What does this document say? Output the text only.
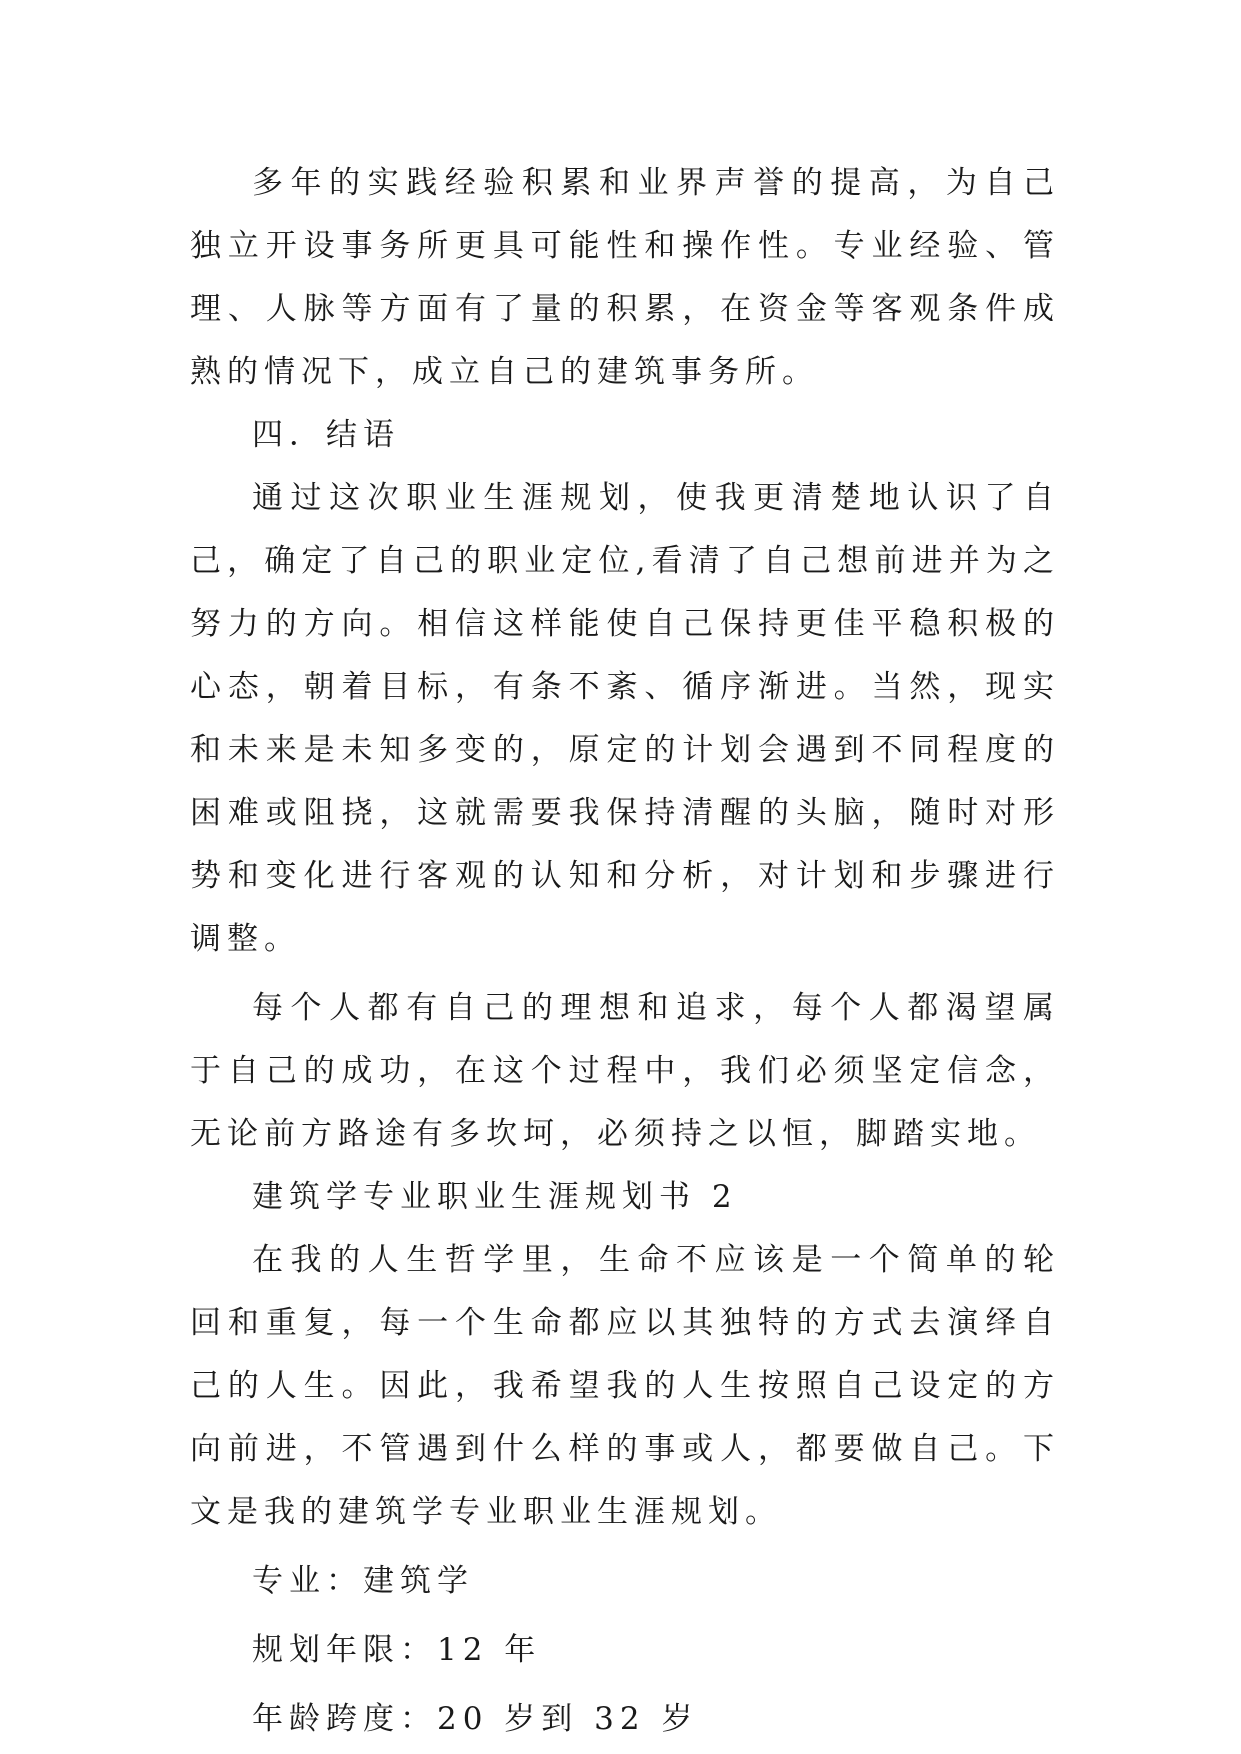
多年的实践经验积累和业界声誉的提高，为自己独立开设事务所更具可能性和操作性。专业经验、管理、人脉等方面有了量的积累，在资金等客观条件成熟的情况下，成立自己的建筑事务所。

四．结语

通过这次职业生涯规划，使我更清楚地认识了自己，确定了自己的职业定位,看清了自己想前进并为之努力的方向。相信这样能使自己保持更佳平稳积极的心态，朝着目标，有条不紊、循序渐进。当然，现实和未来是未知多变的，原定的计划会遇到不同程度的困难或阻挠，这就需要我保持清醒的头脑，随时对形势和变化进行客观的认知和分析，对计划和步骤进行调整。

每个人都有自己的理想和追求，每个人都渴望属于自己的成功，在这个过程中，我们必须坚定信念，无论前方路途有多坎坷，必须持之以恒，脚踏实地。

建筑学专业职业生涯规划书 2

在我的人生哲学里，生命不应该是一个简单的轮回和重复，每一个生命都应以其独特的方式去演绎自己的人生。因此，我希望我的人生按照自己设定的方向前进，不管遇到什么样的事或人，都要做自己。下文是我的建筑学专业职业生涯规划。

专业：建筑学

规划年限：12 年

年龄跨度：20 岁到 32 岁
